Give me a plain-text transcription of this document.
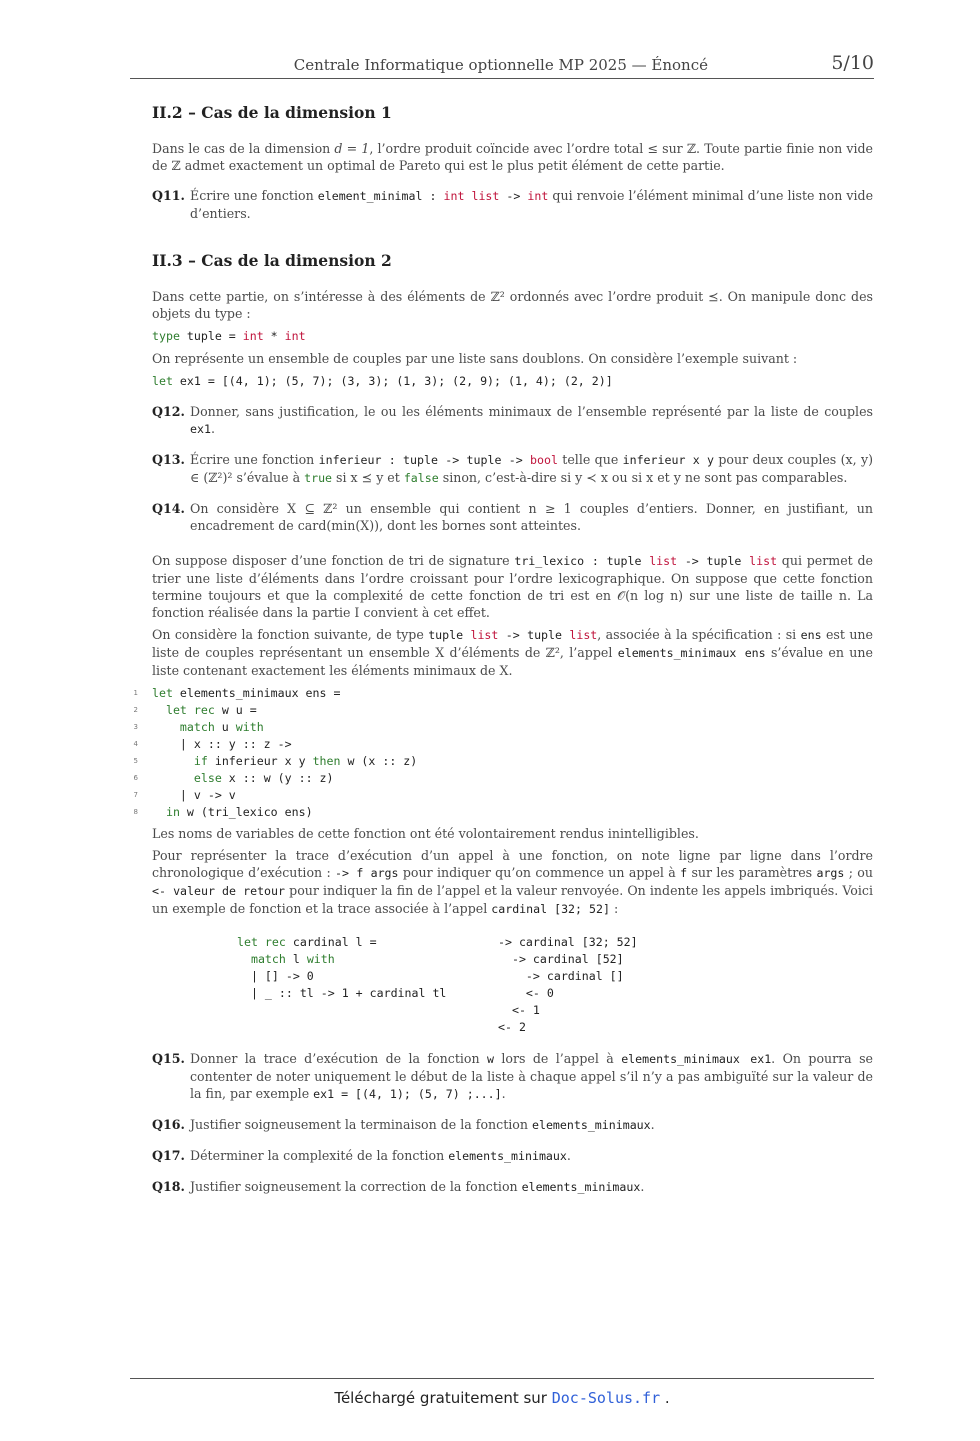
Centrale Informatique optionnelle MP 2025 — Énoncé	5/10
II.2 – Cas de la dimension 1

Dans le cas de la dimension d = 1, l’ordre produit coïncide avec l’ordre total ≤ sur ℤ. Toute partie finie non vide de ℤ admet exactement un optimal de Pareto qui est le plus petit élément de cette partie.

Q11. Écrire une fonction element_minimal : int list -> int qui renvoie l’élément minimal d’une liste non vide d’entiers.
II.3 – Cas de la dimension 2

Dans cette partie, on s’intéresse à des éléments de ℤ² ordonnés avec l’ordre produit ⪯. On manipule donc des objets du type :

type tuple = int * int

On représente un ensemble de couples par une liste sans doublons. On considère l’exemple suivant :

let ex1 = [(4, 1); (5, 7); (3, 3); (1, 3); (2, 9); (1, 4); (2, 2)]
Q12. Donner, sans justification, le ou les éléments minimaux de l’ensemble représenté par la liste de couples ex1.
Q13. Écrire une fonction inferieur : tuple -> tuple -> bool telle que inferieur x y pour deux couples (x, y) ∈ (ℤ²)² s’évalue à true si x ⪯ y et false sinon, c’est-à-dire si y ≺ x ou si x et y ne sont pas comparables.
Q14. On considère X ⊆ ℤ² un ensemble qui contient n ≥ 1 couples d’entiers. Donner, en justifiant, un encadrement de card(min(X)), dont les bornes sont atteintes.

On suppose disposer d’une fonction de tri de signature tri_lexico : tuple list -> tuple list qui permet de trier une liste d’éléments dans l’ordre croissant pour l’ordre lexicographique. On suppose que cette fonction termine toujours et que la complexité de cette fonction de tri est en 𝒪(n log n) sur une liste de taille n. La fonction réalisée dans la partie I convient à cet effet.

On considère la fonction suivante, de type tuple list -> tuple list, associée à la spécification : si ens est une liste de couples représentant un ensemble X d’éléments de ℤ², l’appel elements_minimaux ens s’évalue en une liste contenant exactement les éléments minimaux de X.

1 let elements_minimaux ens =
2 let rec w u =
3	match u with
4	| x :: y :: z ->
5	if inferieur x y then w (x :: z)
6	else x :: w (y :: z)
7	| v -> v
8 in w (tri_lexico ens)

Les noms de variables de cette fonction ont été volontairement rendus inintelligibles.

Pour représenter la trace d’exécution d’un appel à une fonction, on note ligne par ligne dans l’ordre chronologique d’exécution : -> f args pour indiquer qu’on commence un appel à f sur les paramètres args ; ou <- valeur de retour pour indiquer la fin de l’appel et la valeur renvoyée. On indente les appels imbriqués. Voici un exemple de fonction et la trace associée à l’appel cardinal [32; 52] :

let rec cardinal l =
match l with
| [] -> 0
| _ :: tl -> 1 + cardinal tl
-> cardinal [32; 52]
-> cardinal [52]
-> cardinal []
<- 0
<- 1
<- 2
Q15. Donner la trace d’exécution de la fonction w lors de l’appel à elements_minimaux ex1. On pourra se contenter de noter uniquement le début de la liste à chaque appel s’il n’y a pas ambiguïté sur la valeur de la fin, par exemple ex1 = [(4, 1); (5, 7) ;...].
Q16. Justifier soigneusement la terminaison de la fonction elements_minimaux.
Q17. Déterminer la complexité de la fonction elements_minimaux.
Q18. Justifier soigneusement la correction de la fonction elements_minimaux.
Téléchargé gratuitement sur Doc-Solus.fr .
